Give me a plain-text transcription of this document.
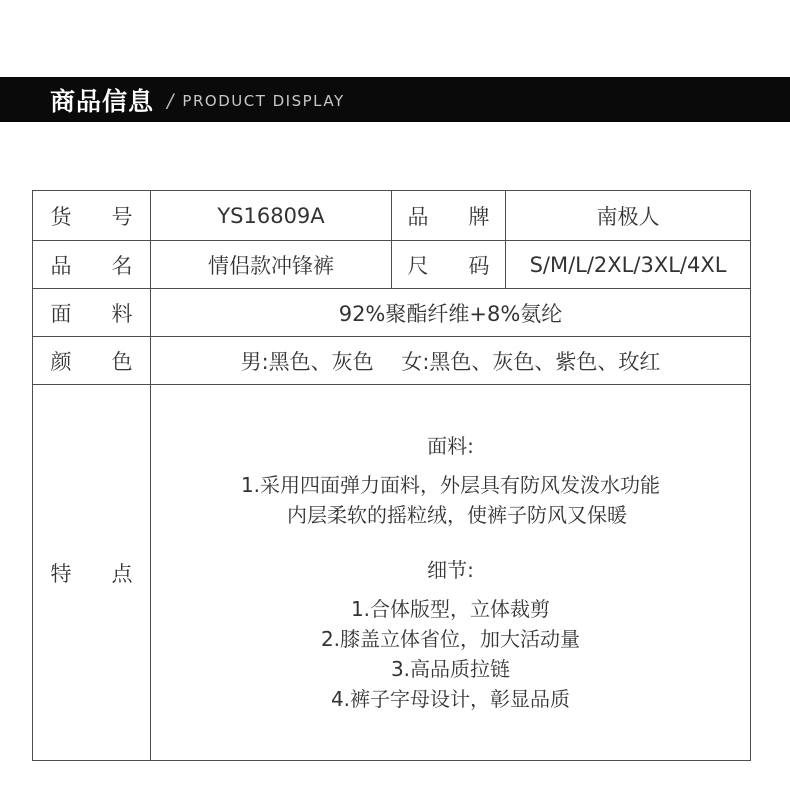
商品信息 / PRODUCT DISPLAY
货号	YS16809A	品牌	南极人
品名	情侣款冲锋裤	尺码	S/M/L/2XL/3XL/4XL
面料	92%聚酯纤维+8%氨纶		
颜色	男:黑色、灰色　 女:黑色、灰色、紫色、玫红		
特点	
面料:
1.采用四面弹力面料，外层具有防风发泼水功能
内层柔软的摇粒绒，使裤子防风又保暖
细节:
1.合体版型，立体裁剪
2.膝盖立体省位，加大活动量
3.高品质拉链
4.裤子字母设计，彰显品质
